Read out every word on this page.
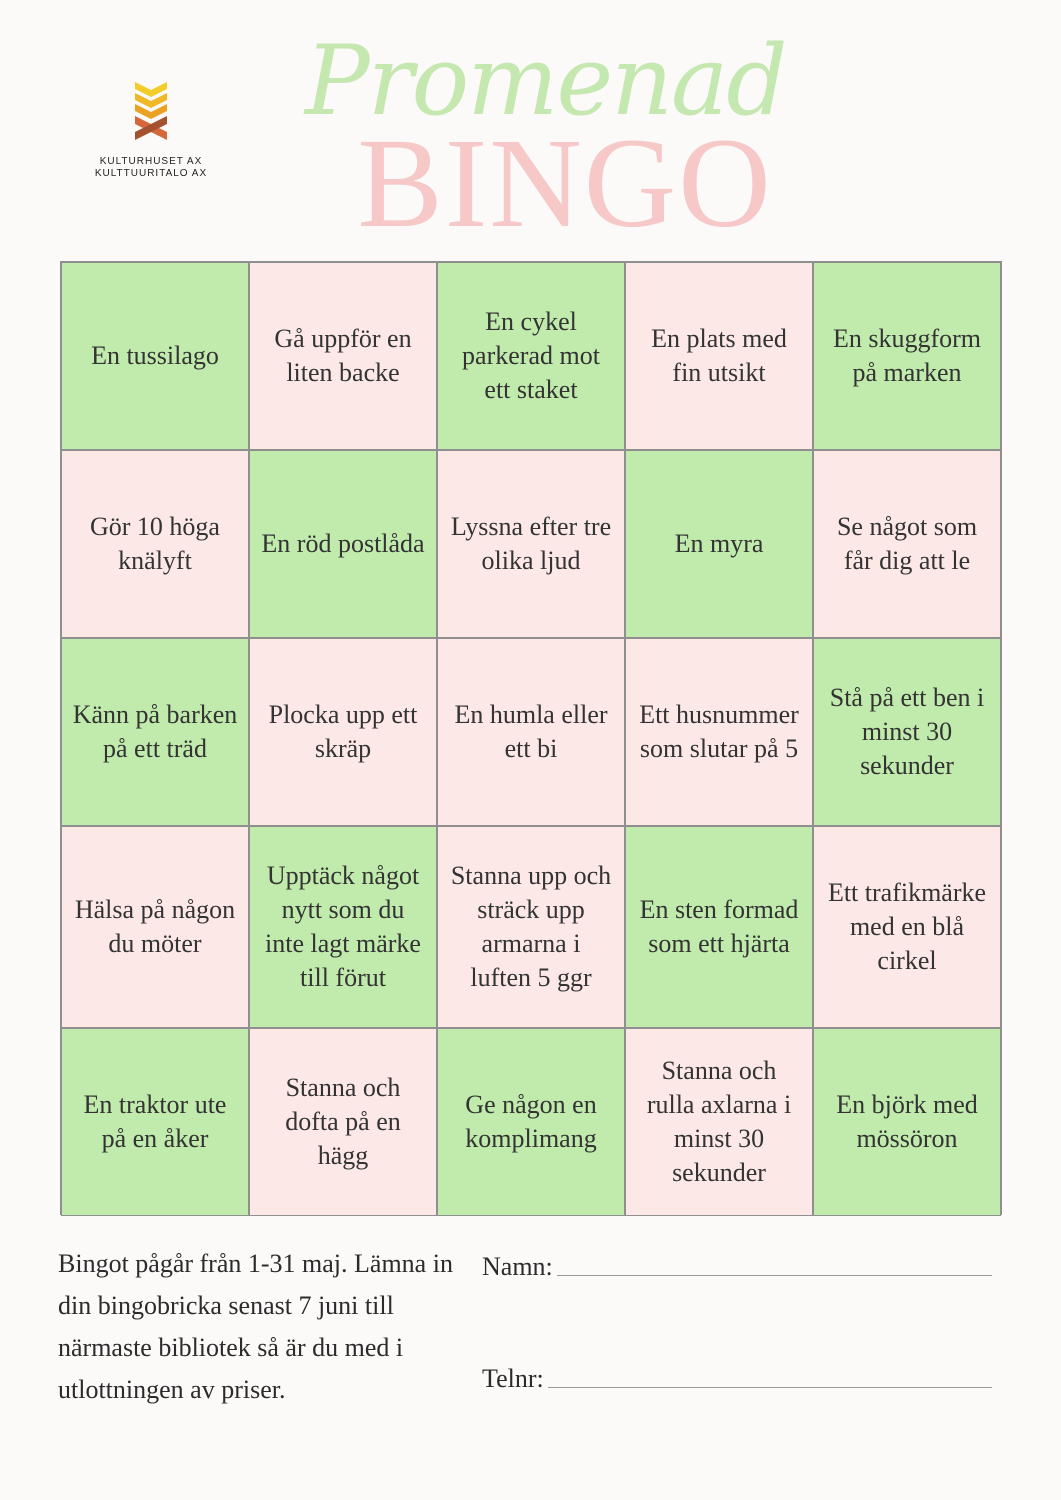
KULTURHUSET AX
KULTTUURITALO AX
Promenad
BINGO
En tussilago
Gå uppför en liten backe
En cykel parkerad mot ett staket
En plats med fin utsikt
En skuggform på marken
Gör 10 höga knälyft
En röd postlåda
Lyssna efter tre olika ljud
En myra
Se något som får dig att le
Känn på barken på ett träd
Plocka upp ett skräp
En humla eller ett bi
Ett husnummer som slutar på 5
Stå på ett ben i minst 30 sekunder
Hälsa på någon du möter
Upptäck något nytt som du inte lagt märke till förut
Stanna upp och sträck upp armarna i luften 5 ggr
En sten formad som ett hjärta
Ett trafikmärke med en blå cirkel
En traktor ute på en åker
Stanna och dofta på en hägg
Ge någon en komplimang
Stanna och rulla axlarna i minst 30 sekunder
En björk med mössöron
Bingot pågår från 1-31 maj. Lämna in din bingobricka senast 7 juni till närmaste bibliotek så är du med i utlottningen av priser.
Namn:
Telnr:
